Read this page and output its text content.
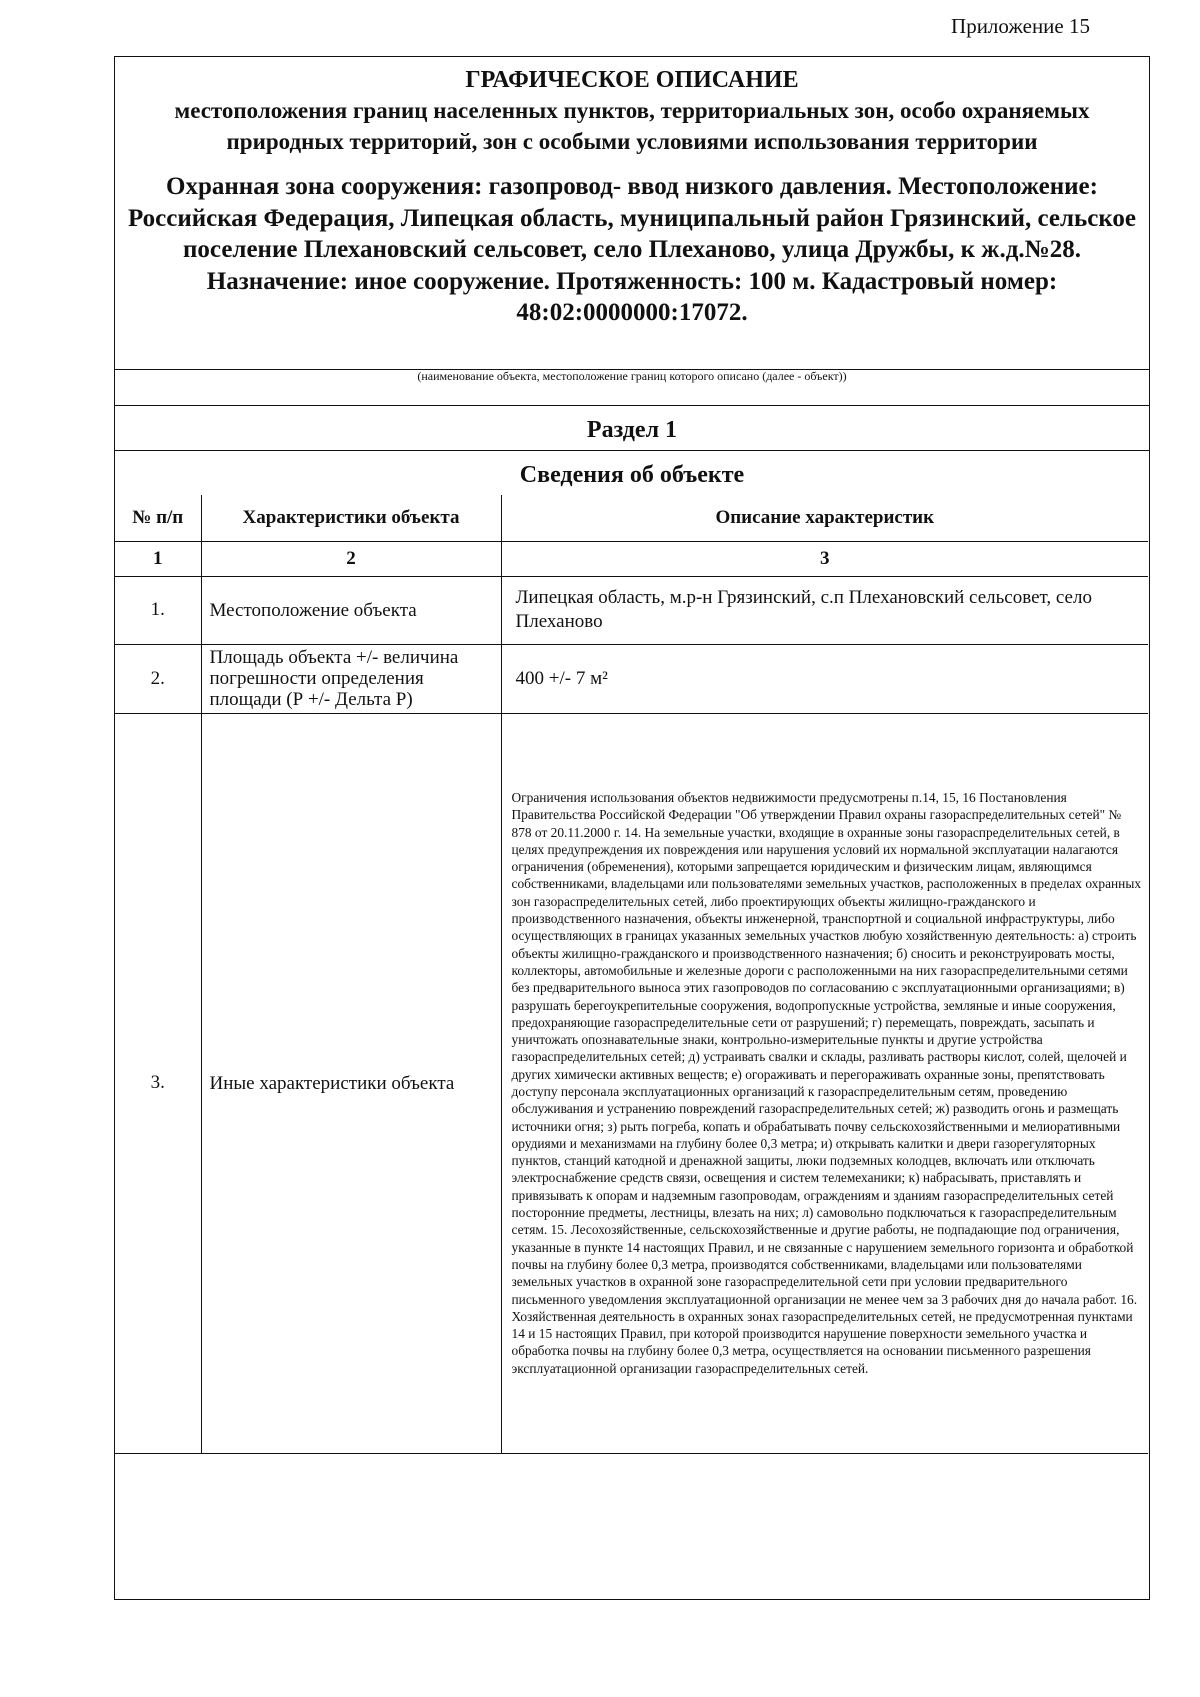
Приложение 15
ГРАФИЧЕСКОЕ ОПИСАНИЕ
местоположения границ населенных пунктов, территориальных зон, особо охраняемых природных территорий, зон с особыми условиями использования территории
Охранная зона сооружения: газопровод- ввод низкого давления. Местоположение: Российская Федерация, Липецкая область, муниципальный район Грязинский, сельское поселение Плехановский сельсовет, село Плеханово, улица Дружбы, к ж.д.№28. Назначение: иное сооружение. Протяженность: 100 м. Кадастровый номер: 48:02:0000000:17072.
(наименование объекта, местоположение границ которого описано (далее - объект))
Раздел 1
Сведения об объекте
№ п/п	Характеристики объекта	Описание характеристик
1	2	3
1.	Местоположение объекта	Липецкая область, м.р-н Грязинский, с.п Плехановский сельсовет, село Плеханово
2.	Площадь объекта +/- величина погрешности определения площади (Р +/- Дельта Р)	400 +/- 7 м²
3.	Иные характеристики объекта	Ограничения использования объектов недвижимости предусмотрены п.14, 15, 16 Постановления Правительства Российской Федерации "Об утверждении Правил охраны газораспределительных сетей" № 878 от 20.11.2000 г. 14. На земельные участки, входящие в охранные зоны газораспределительных сетей, в целях предупреждения их повреждения или нарушения условий их нормальной эксплуатации налагаются ограничения (обременения), которыми запрещается юридическим и физическим лицам, являющимся собственниками, владельцами или пользователями земельных участков, расположенных в пределах охранных зон газораспределительных сетей, либо проектирующих объекты жилищно-гражданского и производственного назначения, объекты инженерной, транспортной и социальной инфраструктуры, либо осуществляющих в границах указанных земельных участков любую хозяйственную деятельность: а) строить объекты жилищно-гражданского и производственного назначения; б) сносить и реконструировать мосты, коллекторы, автомобильные и железные дороги с расположенными на них газораспределительными сетями без предварительного выноса этих газопроводов по согласованию с эксплуатационными организациями; в) разрушать берегоукрепительные сооружения, водопропускные устройства, земляные и иные сооружения, предохраняющие газораспределительные сети от разрушений; г) перемещать, повреждать, засыпать и уничтожать опознавательные знаки, контрольно-измерительные пункты и другие устройства газораспределительных сетей; д) устраивать свалки и склады, разливать растворы кислот, солей, щелочей и других химически активных веществ; е) огораживать и перегораживать охранные зоны, препятствовать доступу персонала эксплуатационных организаций к газораспределительным сетям, проведению обслуживания и устранению повреждений газораспределительных сетей; ж) разводить огонь и размещать источники огня; з) рыть погреба, копать и обрабатывать почву сельскохозяйственными и мелиоративными орудиями и механизмами на глубину более 0,3 метра; и) открывать калитки и двери газорегуляторных пунктов, станций катодной и дренажной защиты, люки подземных колодцев, включать или отключать электроснабжение средств связи, освещения и систем телемеханики; к) набрасывать, приставлять и привязывать к опорам и надземным газопроводам, ограждениям и зданиям газораспределительных сетей посторонние предметы, лестницы, влезать на них; л) самовольно подключаться к газораспределительным сетям. 15. Лесохозяйственные, сельскохозяйственные и другие работы, не подпадающие под ограничения, указанные в пункте 14 настоящих Правил, и не связанные с нарушением земельного горизонта и обработкой почвы на глубину более 0,3 метра, производятся собственниками, владельцами или пользователями земельных участков в охранной зоне газораспределительной сети при условии предварительного письменного уведомления эксплуатационной организации не менее чем за 3 рабочих дня до начала работ. 16. Хозяйственная деятельность в охранных зонах газораспределительных сетей, не предусмотренная пунктами 14 и 15 настоящих Правил, при которой производится нарушение поверхности земельного участка и обработка почвы на глубину более 0,3 метра, осуществляется на основании письменного разрешения эксплуатационной организации газораспределительных сетей.
